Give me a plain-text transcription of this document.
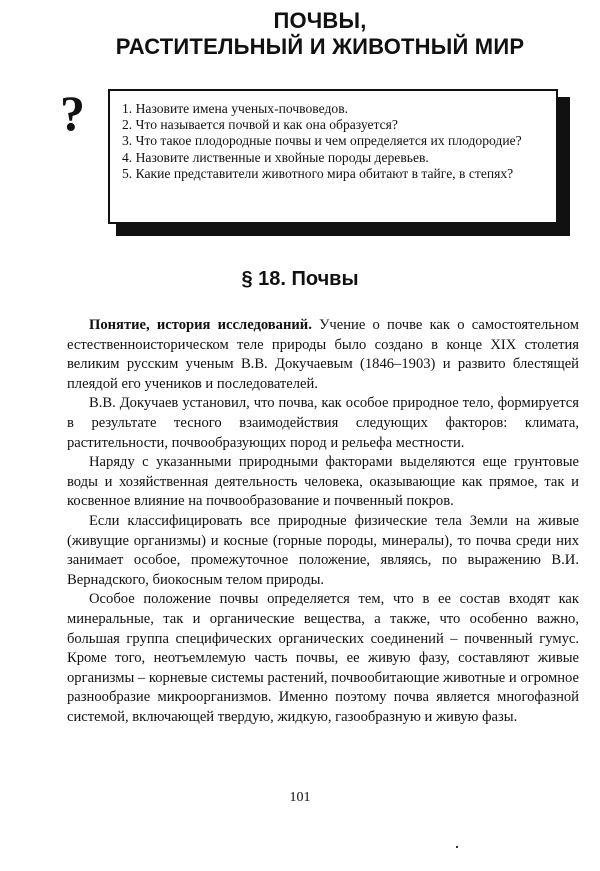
ПОЧВЫ,
РАСТИТЕЛЬНЫЙ И ЖИВОТНЫЙ МИР
?	1. Назовите имена ученых-почвоведов.
2. Что называется почвой и как она образуется?
3. Что такое плодородные почвы и чем определяется их плодородие?
4. Назовите лиственные и хвойные породы деревьев.
5. Какие представители животного мира обитают в тайге, в степях?
§ 18. Почвы

Понятие, история исследований. Учение о почве как о самостоятельном естественноисторическом теле природы было создано в конце XIX столетия великим русским ученым В.В. Докучаевым (1846–1903) и развито блестящей плеядой его учеников и последователей.

В.В. Докучаев установил, что почва, как особое природное тело, формируется в результате тесного взаимодействия следующих факторов: климата, растительности, почвообразующих пород и рельефа местности.

Наряду с указанными природными факторами выделяются еще грунтовые воды и хозяйственная деятельность человека, оказывающие как прямое, так и косвенное влияние на почвообразование и почвенный покров.

Если классифицировать все природные физические тела Земли на живые (живущие организмы) и косные (горные породы, минералы), то почва среди них занимает особое, промежуточное положение, являясь, по выражению В.И. Вернадского, биокосным телом природы.

Особое положение почвы определяется тем, что в ее состав входят как минеральные, так и органические вещества, а также, что особенно важно, большая группа специфических органических соединений – почвенный гумус. Кроме того, неотъемлемую часть почвы, ее живую фазу, составляют живые организмы – корневые системы растений, почвообитающие животные и огромное разнообразие микроорганизмов. Именно поэтому почва является многофазной системой, включающей твердую, жидкую, газообразную и живую фазы.

101
